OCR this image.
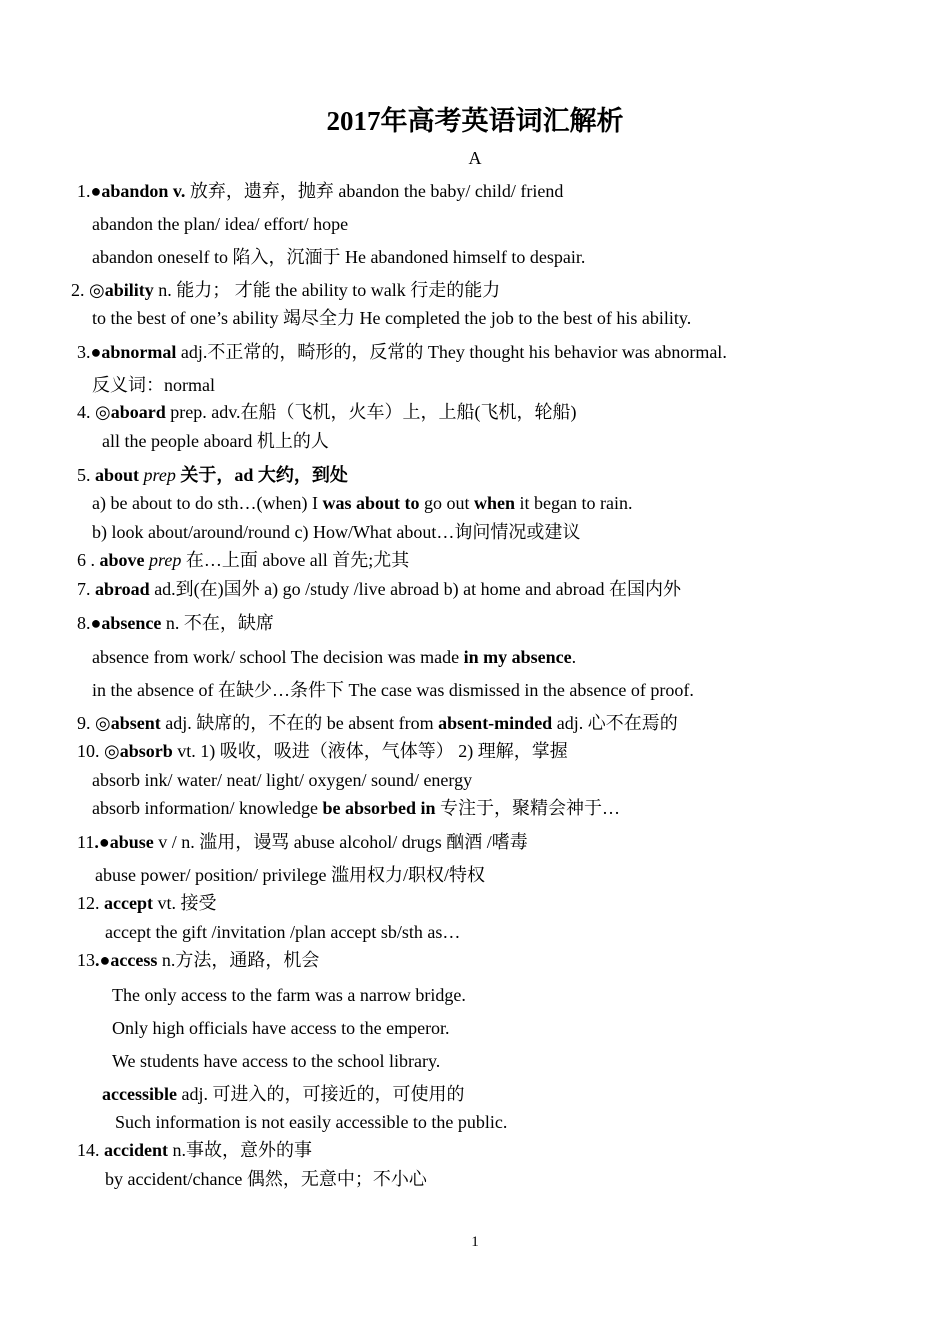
2017年高考英语词汇解析
A
1.●abandon v. 放弃，遗弃，抛弃 abandon the baby/ child/ friend
abandon the plan/ idea/ effort/ hope
abandon oneself to 陷入，沉湎于 He abandoned himself to despair.
2. ◎ability n. 能力； 才能 the ability to walk 行走的能力
to the best of one’s ability 竭尽全力 He completed the job to the best of his ability.
3.●abnormal adj.不正常的，畸形的，反常的 They thought his behavior was abnormal.
反义词：normal
4. ◎aboard prep. adv.在船（飞机，火车）上，上船(飞机，轮船)
all the people aboard 机上的人
5. about prep 关于，ad 大约，到处
a) be about to do sth…(when) I was about to go out when it began to rain.
b) look about/around/round c) How/What about…询问情况或建议
6 . above prep 在…上面 above all 首先;尤其
7. abroad ad.到(在)国外 a) go /study /live abroad b) at home and abroad 在国内外
8.●absence n. 不在，缺席
absence from work/ school The decision was made in my absence.
in the absence of 在缺少…条件下 The case was dismissed in the absence of proof.
9. ◎absent adj. 缺席的，不在的 be absent from absent-minded adj. 心不在焉的
10. ◎absorb vt. 1) 吸收，吸进（液体，气体等） 2) 理解，掌握
absorb ink/ water/ neat/ light/ oxygen/ sound/ energy
absorb information/ knowledge be absorbed in 专注于，聚精会神于…
11.●abuse v / n. 滥用，谩骂 abuse alcohol/ drugs 酗酒 /嗜毒
abuse power/ position/ privilege 滥用权力/职权/特权
12. accept vt. 接受
accept the gift /invitation /plan accept sb/sth as…
13.●access n.方法，通路，机会
The only access to the farm was a narrow bridge.
Only high officials have access to the emperor.
We students have access to the school library.
accessible adj. 可进入的，可接近的，可使用的
Such information is not easily accessible to the public.
14. accident n.事故，意外的事
by accident/chance 偶然，无意中；不小心
1
